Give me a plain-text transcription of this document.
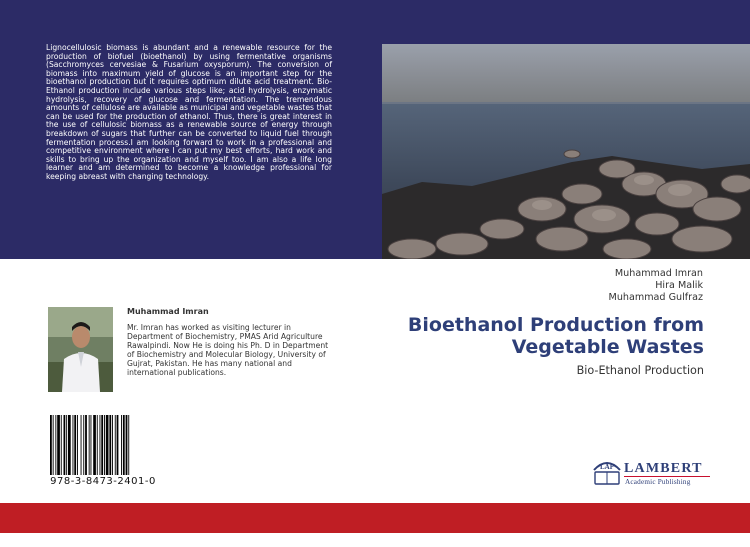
Lignocellulosic biomass is abundant and a renewable resource for the production of biofuel (bioethanol) by using fermentative organisms (Sacchromyces cervesiae & Fusarium oxysporum). The conversion of biomass into maximum yield of glucose is an important step for the bioethanol production but it requires optimum dilute acid treatment. Bio-Ethanol production include various steps like; acid hydrolysis, enzymatic hydrolysis, recovery of glucose and fermentation. The tremendous amounts of cellulose are available as municipal and vegetable wastes that can be used for the production of ethanol. Thus, there is great interest in the use of cellulosic biomass as a renewable source of energy through breakdown of sugars that further can be converted to liquid fuel through fermentation process.I am looking forward to work in a professional and competitive environment where I can put my best efforts, hard work and skills to bring up the organization and myself too. I am also a life long learner and am determined to become a knowledge professional for keeping abreast with changing technology.
Muhammad Imran
Mr. Imran has worked as visiting lecturer in Department of Biochemistry, PMAS Arid Agriculture Rawalpindi. Now He is doing his Ph. D in Department of Biochemistry and Molecular Biology, University of Gujrat, Pakistan. He has many national and international publications.
978-3-8473-2401-0
Muhammad Imran
Hira Malik
Muhammad Gulfraz
Bioethanol Production from
Vegetable Wastes
Bio-Ethanol Production
LAP LAMBERT
Academic Publishing
